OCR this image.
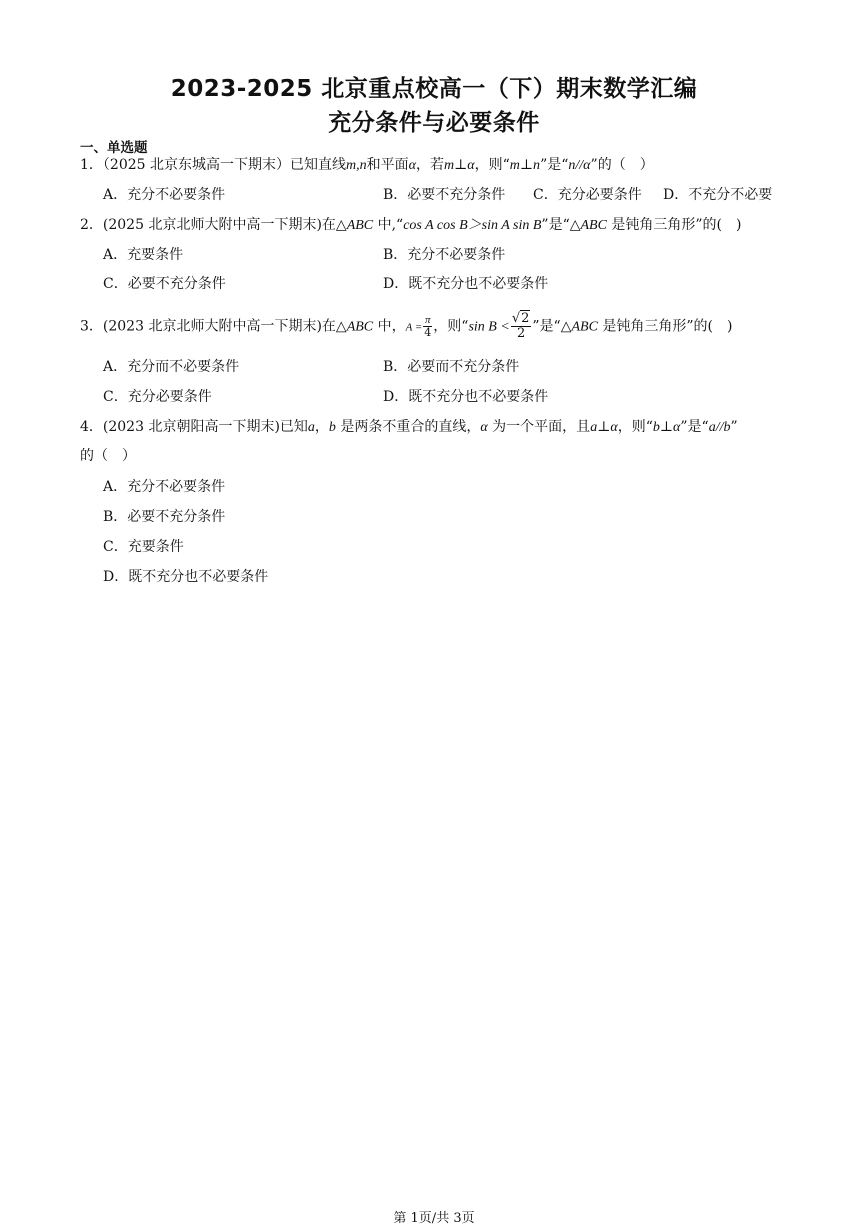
2023-2025 北京重点校高一（下）期末数学汇编
充分条件与必要条件
一、单选题
1．（2025 北京东城高一下期末）已知直线m,n和平面α，若m⊥α，则“m⊥n”是“n//α”的（　）
A．充分不必要条件	B．必要不充分条件 C．充分必要条件 D．不充分不必要
2．(2025 北京北师大附中高一下期末)在△ABC 中,“cos A cos B＞sin A sin B”是“△ABC 是钝角三角形”的(　)
A．充要条件	B．充分不必要条件
C．必要不充分条件	D．既不充分也不必要条件
3．(2023 北京北师大附中高一下期末)在△ABC 中，$A = \frac{\pi}{4}$ ，则“sin $B < \frac{√2}{2}$ ”是“△ABC 是钝角三角形”的(　)
A．充分而不必要条件	B．必要而不充分条件
C．充分必要条件	D．既不充分也不必要条件
4．(2023 北京朝阳高一下期末)已知a，b 是两条不重合的直线，α 为一个平面，且a⊥α，则“b⊥α”是“a//b”
的（　）
A．充分不必要条件
B．必要不充分条件
C．充要条件
D．既不充分也不必要条件
第 1页/共 3页
